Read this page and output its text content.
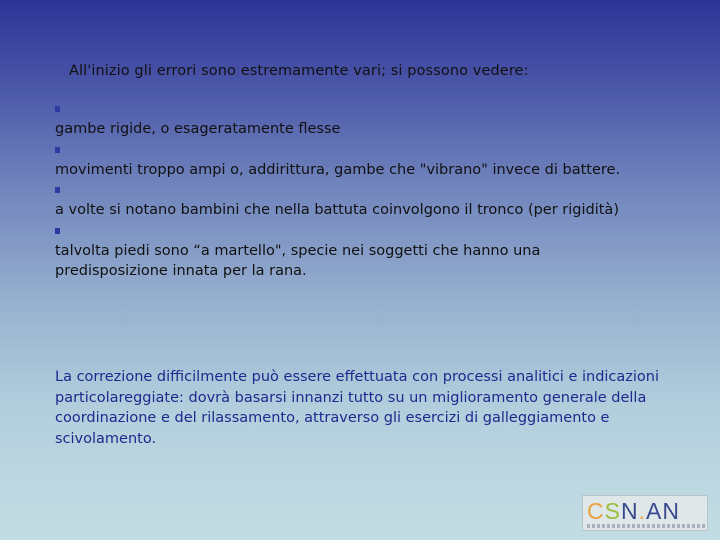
All'inizio gli errori sono estremamente vari; si possono vedere:
gambe rigide, o esageratamente flesse
movimenti troppo ampi o, addirittura, gambe che "vibrano" invece di battere.
a volte si notano bambini che nella battuta coinvolgono il tronco (per rigidità)
talvolta piedi sono “a martello", specie nei soggetti che hanno una predisposizione innata per la rana.
La correzione difficilmente può essere effettuata con processi analitici e indicazioni particolareggiate: dovrà basarsi innanzi tutto su un miglioramento generale della coordinazione e del rilassamento, attraverso gli esercizi di galleggiamento e scivolamento.
CSN.AN
